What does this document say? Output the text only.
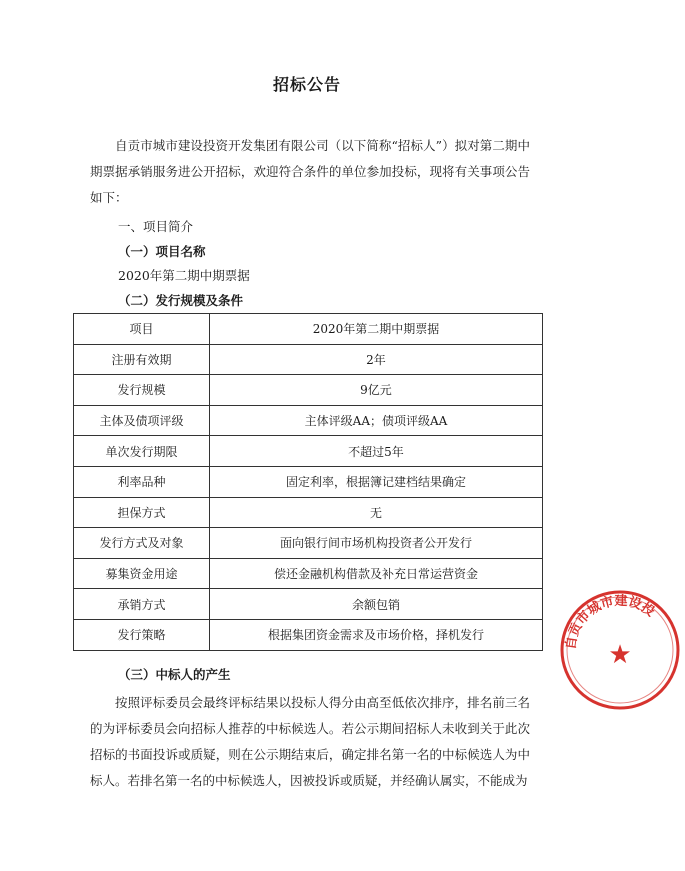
招标公告
自贡市城市建设投资开发集团有限公司（以下简称“招标人”）拟对第二期中期票据承销服务进公开招标，欢迎符合条件的单位参加投标，现将有关事项公告如下：
一、项目简介
（一）项目名称
2020年第二期中期票据
（二）发行规模及条件
项目	2020年第二期中期票据
注册有效期	2年
发行规模	9亿元
主体及债项评级	主体评级AA；债项评级AA
单次发行期限	不超过5年
利率品种	固定利率，根据簿记建档结果确定
担保方式	无
发行方式及对象	面向银行间市场机构投资者公开发行
募集资金用途	偿还金融机构借款及补充日常运营资金
承销方式	余额包销
发行策略	根据集团资金需求及市场价格，择机发行
（三）中标人的产生
按照评标委员会最终评标结果以投标人得分由高至低依次排序，排名前三名的为评标委员会向招标人推荐的中标候选人。若公示期间招标人未收到关于此次招标的书面投诉或质疑，则在公示期结束后，确定排名第一名的中标候选人为中标人。若排名第一名的中标候选人，因被投诉或质疑，并经确认属实，不能成为
自贡市城市建设投
★
